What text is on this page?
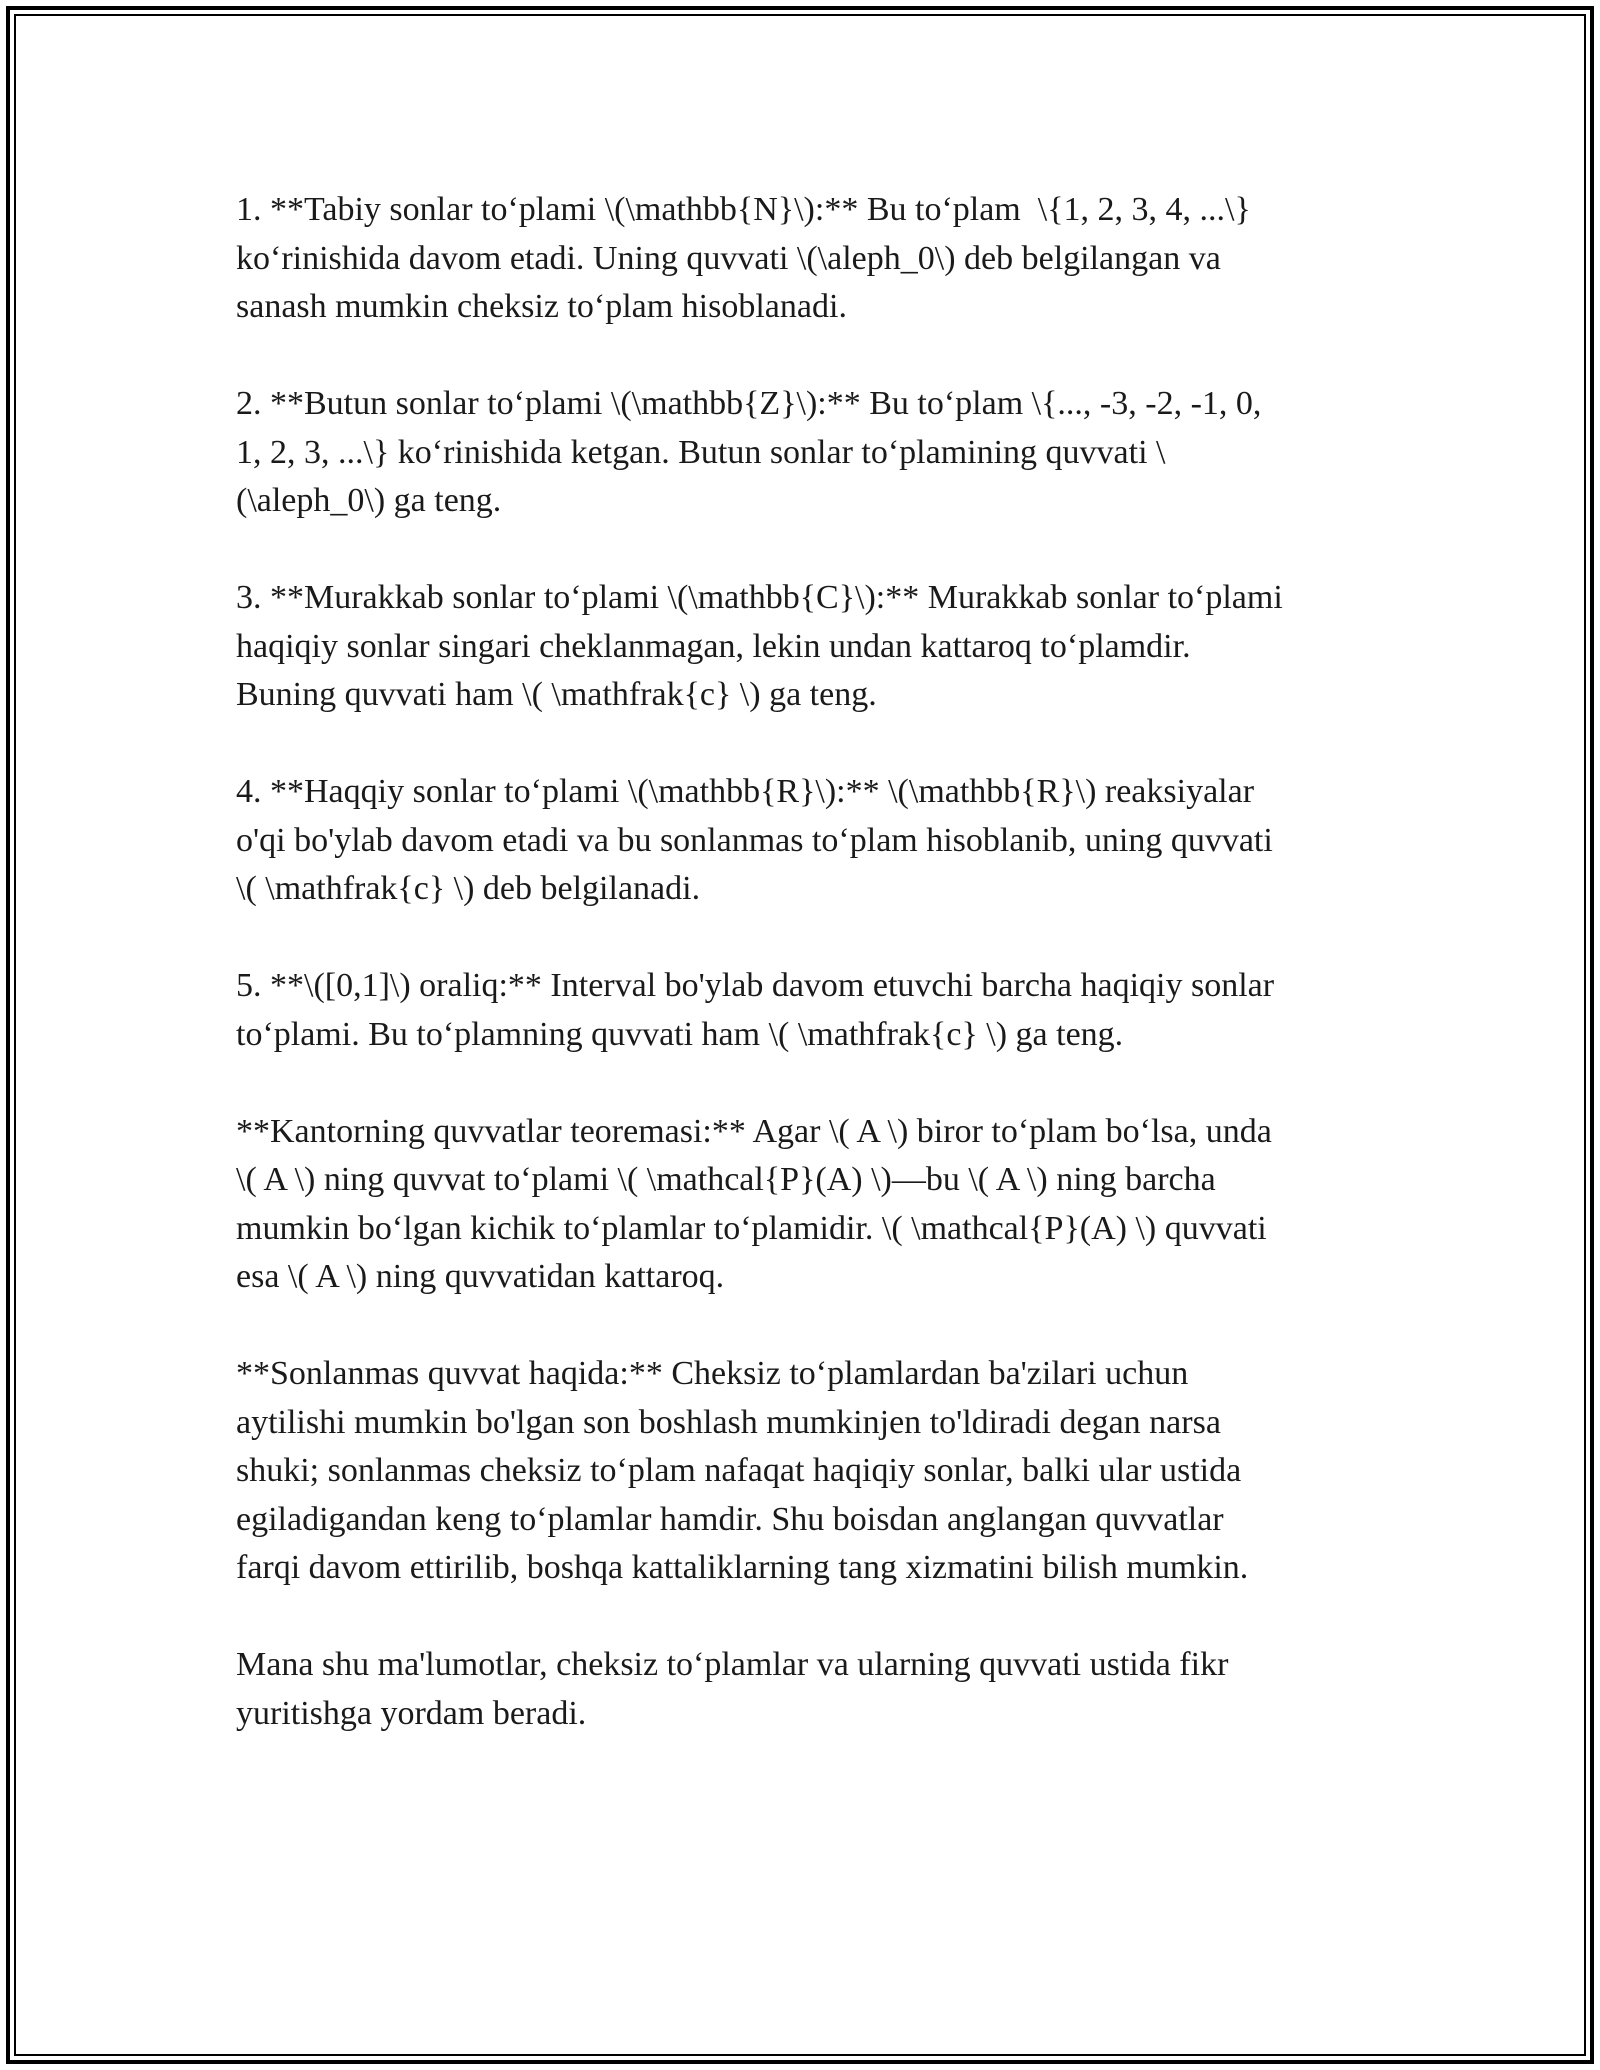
1. **Tabiy sonlar to‘plami \(\mathbb{N}\):** Bu to‘plam  \{1, 2, 3, 4, ...\}
ko‘rinishida davom etadi. Uning quvvati \(\aleph_0\) deb belgilangan va
sanash mumkin cheksiz to‘plam hisoblanadi.

2. **Butun sonlar to‘plami \(\mathbb{Z}\):** Bu to‘plam \{..., -3, -2, -1, 0,
1, 2, 3, ...\} ko‘rinishida ketgan. Butun sonlar to‘plamining quvvati \
(\aleph_0\) ga teng.

3. **Murakkab sonlar to‘plami \(\mathbb{C}\):** Murakkab sonlar to‘plami
haqiqiy sonlar singari cheklanmagan, lekin undan kattaroq to‘plamdir.
Buning quvvati ham \( \mathfrak{c} \) ga teng.

4. **Haqqiy sonlar to‘plami \(\mathbb{R}\):** \(\mathbb{R}\) reaksiyalar
o'qi bo'ylab davom etadi va bu sonlanmas to‘plam hisoblanib, uning quvvati
\( \mathfrak{c} \) deb belgilanadi.

5. **\([0,1]\) oraliq:** Interval bo'ylab davom etuvchi barcha haqiqiy sonlar
to‘plami. Bu to‘plamning quvvati ham \( \mathfrak{c} \) ga teng.

**Kantorning quvvatlar teoremasi:** Agar \( A \) biror to‘plam bo‘lsa, unda
\( A \) ning quvvat to‘plami \( \mathcal{P}(A) \)—bu \( A \) ning barcha
mumkin bo‘lgan kichik to‘plamlar to‘plamidir. \( \mathcal{P}(A) \) quvvati
esa \( A \) ning quvvatidan kattaroq.

**Sonlanmas quvvat haqida:** Cheksiz to‘plamlardan ba'zilari uchun
aytilishi mumkin bo'lgan son boshlash mumkinjen to'ldiradi degan narsa
shuki; sonlanmas cheksiz to‘plam nafaqat haqiqiy sonlar, balki ular ustida
egiladigandan keng to‘plamlar hamdir. Shu boisdan anglangan quvvatlar
farqi davom ettirilib, boshqa kattaliklarning tang xizmatini bilish mumkin.

Mana shu ma'lumotlar, cheksiz to‘plamlar va ularning quvvati ustida fikr
yuritishga yordam beradi.
